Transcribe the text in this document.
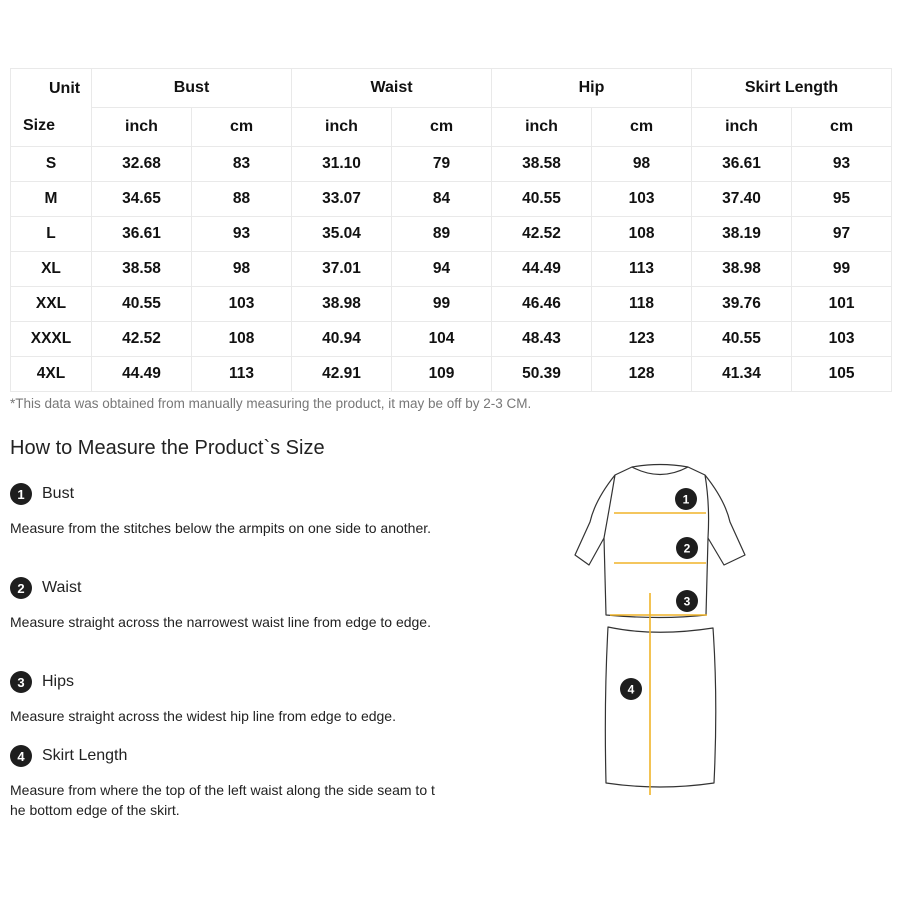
Unit
Size	Bust		Waist		Hip		Skirt Length	
	inch	cm	inch	cm	inch	cm	inch	cm
S	32.68	83	31.10	79	38.58	98	36.61	93
M	34.65	88	33.07	84	40.55	103	37.40	95
L	36.61	93	35.04	89	42.52	108	38.19	97
XL	38.58	98	37.01	94	44.49	113	38.98	99
XXL	40.55	103	38.98	99	46.46	118	39.76	101
XXXL	42.52	108	40.94	104	48.43	123	40.55	103
4XL	44.49	113	42.91	109	50.39	128	41.34	105
*This data was obtained from manually measuring the product, it may be off by 2-3 CM.
How to Measure the Product`s Size
1	Bust
Measure from the stitches below the armpits on one side to another.
2	Waist
Measure straight across the narrowest waist line from edge to edge.
3	Hips
Measure straight across the widest hip line from edge to edge.
4	Skirt Length
Measure from where the top of the left waist along the side seam to the bottom edge of the skirt.
1
2
3
4
